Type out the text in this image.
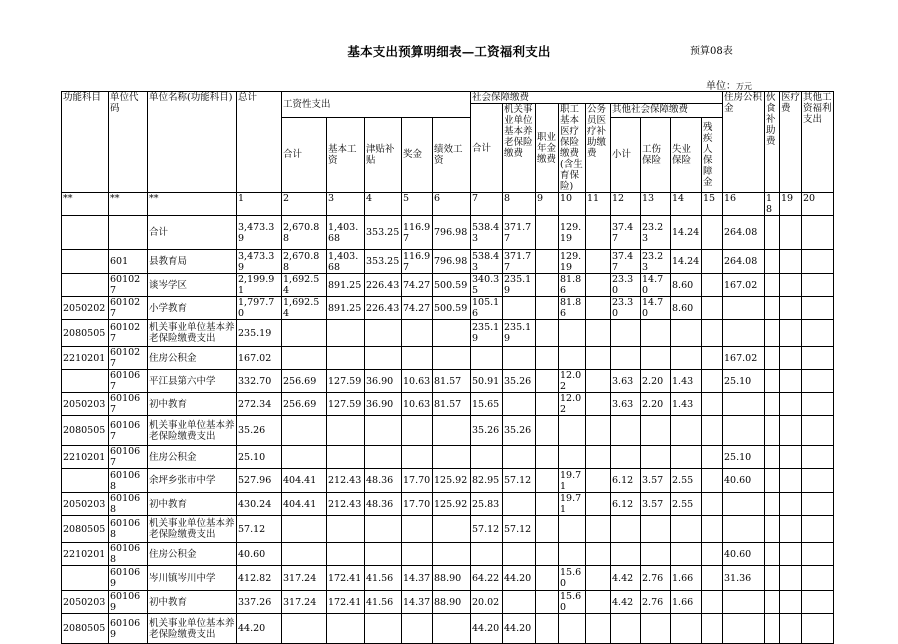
基本支出预算明细表—工资福利支出	预算08表
单位：万元
功能科目	单位代码	单位名称(功能科目)	总计	工资性支出					社会保障缴费									住房公积金	伙食补助费	医疗费	其他工资福利支出
									合计	机关事业单位基本养老保险缴费	职业年金缴费	职工基本医疗保险缴费(含生育保险)	公务员医疗补助缴费	其他社会保障缴费							
				合计	基本工资	津贴补贴	奖金	绩效工资						小计	工伤保险	失业保险	残疾人保障金				
**	**	**	1	2	3	4	5	6	7	8	9	10	11	12	13	14	15	16	18	19	20
		合计	3,473.39	2,670.88	1,403.68	353.25	116.97	796.98	538.43	371.77		129.19		37.47	23.23	14.24		264.08			
	601	县教育局	3,473.39	2,670.88	1,403.68	353.25	116.97	796.98	538.43	371.77		129.19		37.47	23.23	14.24		264.08			
	601027	谈岑学区	2,199.91	1,692.54	891.25	226.43	74.27	500.59	340.35	235.19		81.86		23.30	14.70	8.60		167.02			
2050202	601027	小学教育	1,797.70	1,692.54	891.25	226.43	74.27	500.59	105.16			81.86		23.30	14.70	8.60					
2080505	601027	机关事业单位基本养老保险缴费支出	235.19						235.19	235.19											
2210201	601027	住房公积金	167.02															167.02			
	601067	平江县第六中学	332.70	256.69	127.59	36.90	10.63	81.57	50.91	35.26		12.02		3.63	2.20	1.43		25.10			
2050203	601067	初中教育	272.34	256.69	127.59	36.90	10.63	81.57	15.65			12.02		3.63	2.20	1.43					
2080505	601067	机关事业单位基本养老保险缴费支出	35.26						35.26	35.26											
2210201	601067	住房公积金	25.10															25.10			
	601068	余坪乡张市中学	527.96	404.41	212.43	48.36	17.70	125.92	82.95	57.12		19.71		6.12	3.57	2.55		40.60			
2050203	601068	初中教育	430.24	404.41	212.43	48.36	17.70	125.92	25.83			19.71		6.12	3.57	2.55					
2080505	601068	机关事业单位基本养老保险缴费支出	57.12						57.12	57.12											
2210201	601068	住房公积金	40.60															40.60			
	601069	岑川镇岑川中学	412.82	317.24	172.41	41.56	14.37	88.90	64.22	44.20		15.60		4.42	2.76	1.66		31.36			
2050203	601069	初中教育	337.26	317.24	172.41	41.56	14.37	88.90	20.02			15.60		4.42	2.76	1.66					
2080505	601069	机关事业单位基本养老保险缴费支出	44.20						44.20	44.20											
